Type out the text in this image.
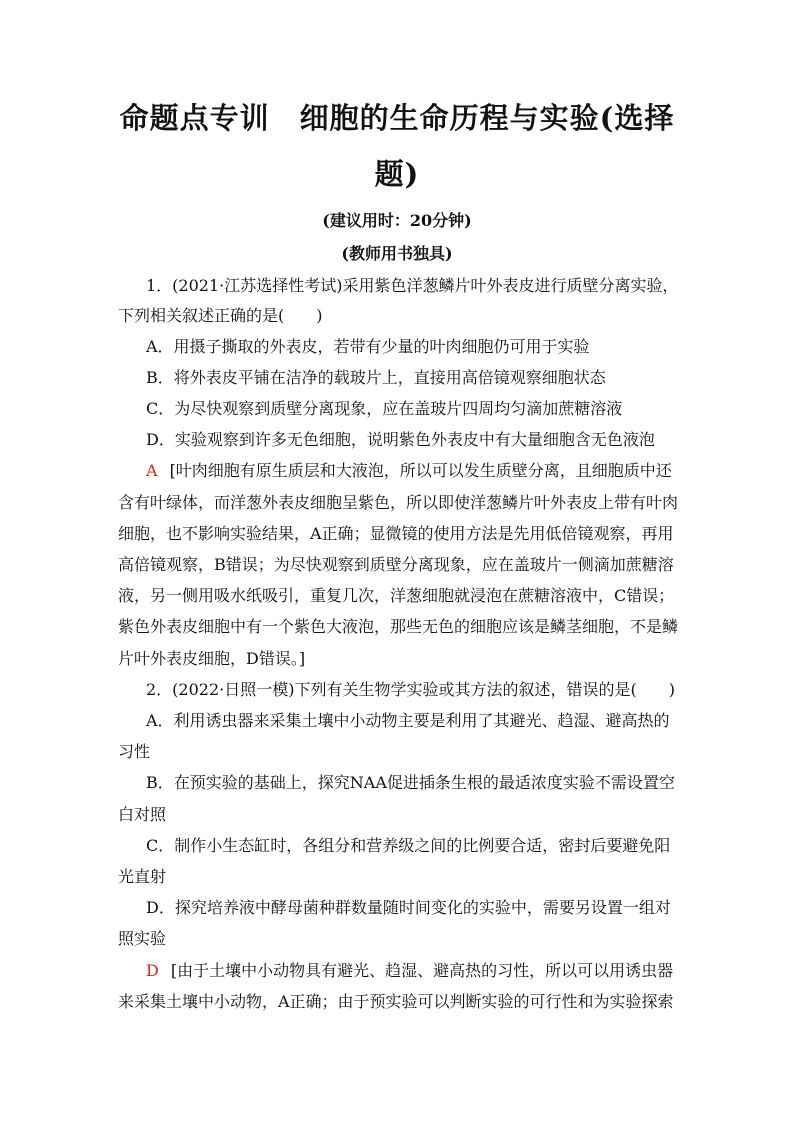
命题点专训　细胞的生命历程与实验(选择
题)
(建议用时：20分钟)
(教师用书独具)
1．(2021·江苏选择性考试)采用紫色洋葱鳞片叶外表皮进行质壁分离实验，
下列相关叙述正确的是(　　)
A．用摄子撕取的外表皮，若带有少量的叶肉细胞仍可用于实验
B．将外表皮平铺在洁净的载玻片上，直接用高倍镜观察细胞状态
C．为尽快观察到质壁分离现象，应在盖玻片四周均匀滴加蔗糖溶液
D．实验观察到许多无色细胞，说明紫色外表皮中有大量细胞含无色液泡
A [叶肉细胞有原生质层和大液泡，所以可以发生质壁分离，且细胞质中还
含有叶绿体，而洋葱外表皮细胞呈紫色，所以即使洋葱鳞片叶外表皮上带有叶肉
细胞，也不影响实验结果，A正确；显微镜的使用方法是先用低倍镜观察，再用
高倍镜观察，B错误；为尽快观察到质壁分离现象，应在盖玻片一侧滴加蔗糖溶
液，另一侧用吸水纸吸引，重复几次，洋葱细胞就浸泡在蔗糖溶液中，C错误；
紫色外表皮细胞中有一个紫色大液泡，那些无色的细胞应该是鳞茎细胞，不是鳞
片叶外表皮细胞，D错误。]
2．(2022·日照一模)下列有关生物学实验或其方法的叙述，错误的是(　　)
A．利用诱虫器来采集土壤中小动物主要是利用了其避光、趋湿、避高热的
习性
B．在预实验的基础上，探究NAA促进插条生根的最适浓度实验不需设置空
白对照
C．制作小生态缸时，各组分和营养级之间的比例要合适，密封后要避免阳
光直射
D．探究培养液中酵母菌种群数量随时间变化的实验中，需要另设置一组对
照实验
D [由于土壤中小动物具有避光、趋湿、避高热的习性，所以可以用诱虫器
来采集土壤中小动物，A正确；由于预实验可以判断实验的可行性和为实验探索
